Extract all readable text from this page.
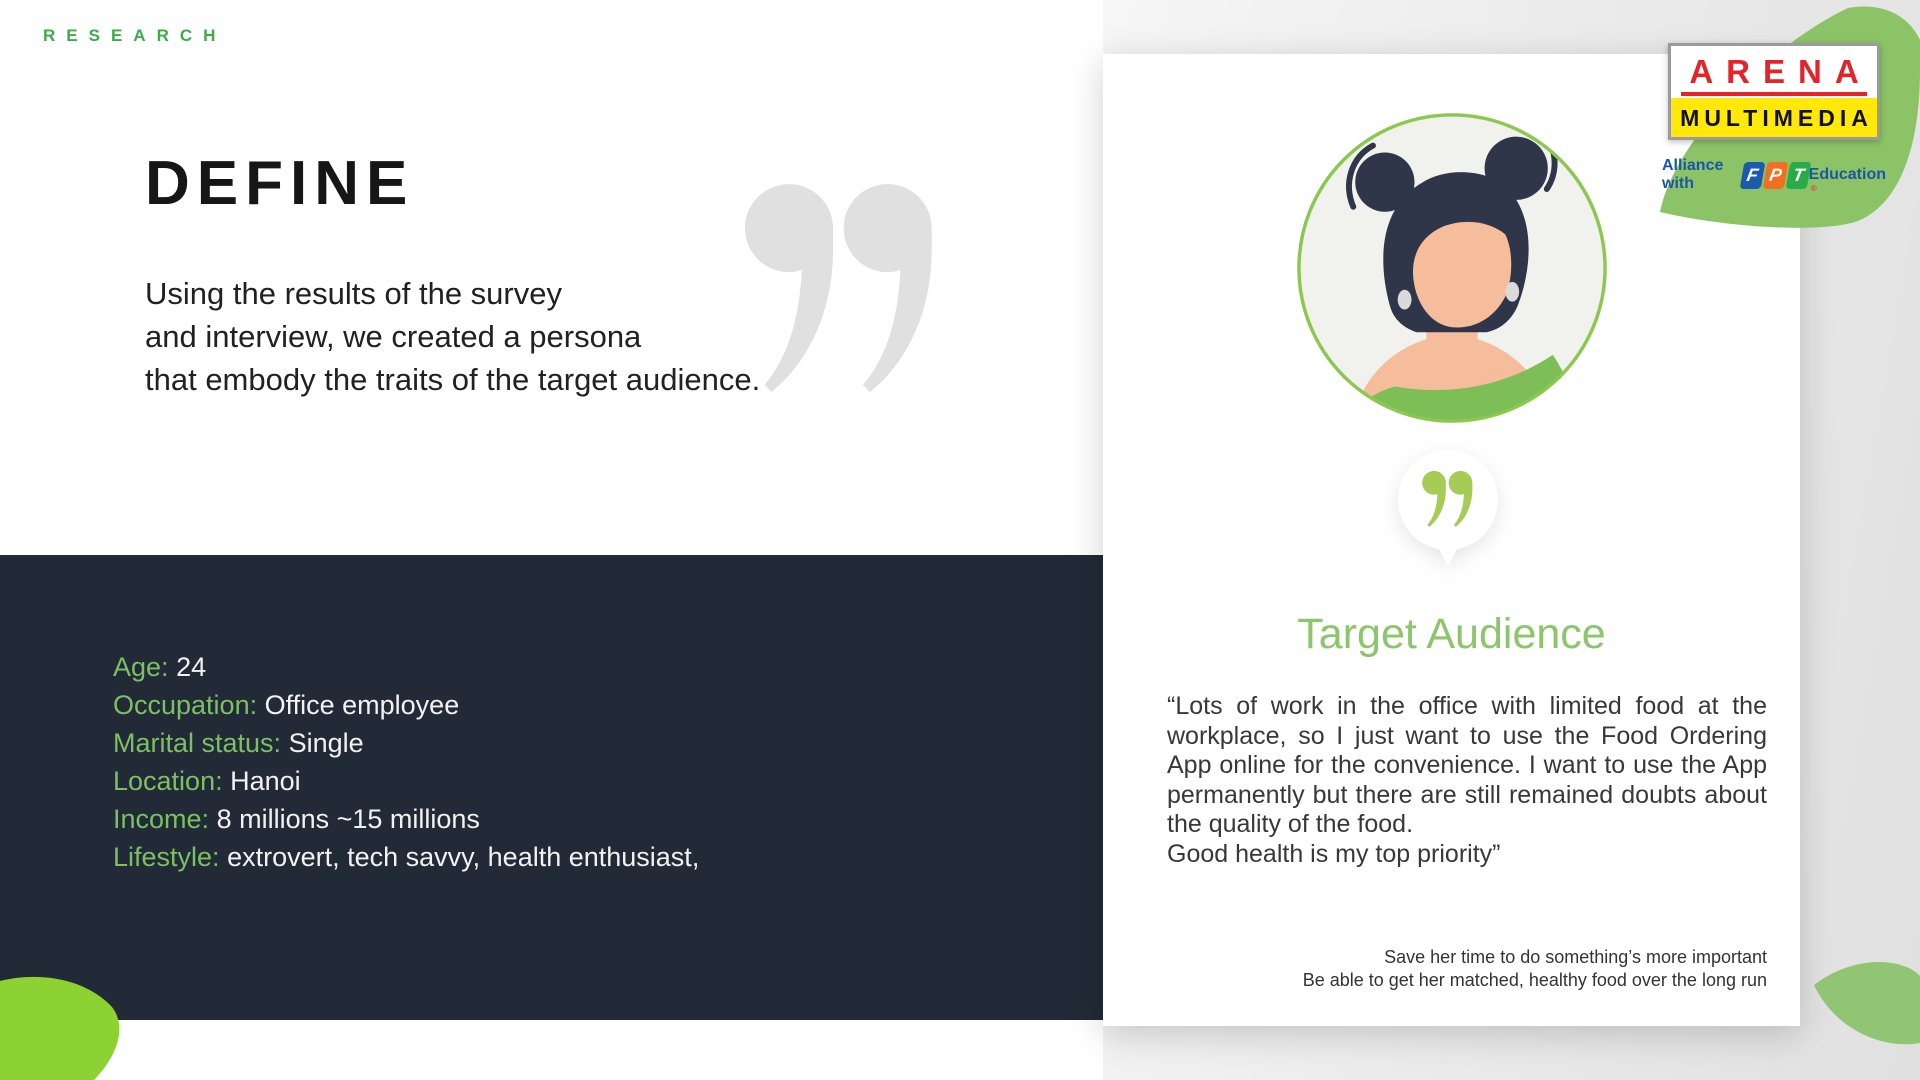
RESEARCH
DEFINE
Using the results of the survey
and interview, we created a persona
that embody the traits of the target audience.
Age: 24
Occupation: Office employee
Marital status: Single
Location: Hanoi
Income: 8 millions ~15 millions
Lifestyle: extrovert, tech savvy, health enthusiast,
Target Audience

“Lots of work in the office with limited food at the workplace, so I just want to use the Food Ordering App online for the convenience. I want to use the App permanently but there are still remained doubts about the quality of the food.

Good health is my top priority”

Save her time to do something’s more important
Be able to get her matched, healthy food over the long run
ARENA
MULTIMEDIA
Alliance with	F P T
®
Education
